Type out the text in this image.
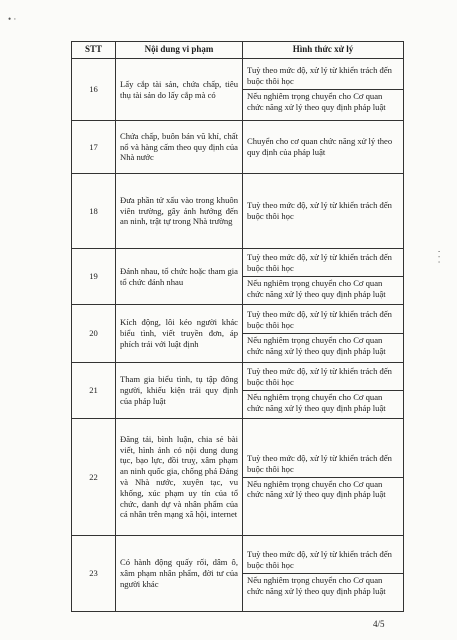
• ·
STT	Nội dung vi phạm	Hình thức xử lý
16	Lấy cắp tài sản, chứa chấp, tiêu thụ tài sản do lấy cắp mà có	Tuỳ theo mức độ, xử lý từ khiển trách đến buộc thôi học
Nếu nghiêm trọng chuyển cho Cơ quan chức năng xử lý theo quy định pháp luật

17	Chứa chấp, buôn bán vũ khí, chất nổ và hàng cấm theo quy định của Nhà nước	Chuyển cho cơ quan chức năng xử lý theo quy định của pháp luật

18	Đưa phần tử xấu vào trong khuôn viên trường, gây ảnh hưởng đến an ninh, trật tự trong Nhà trường	Tuỳ theo mức độ, xử lý từ khiển trách đến buộc thôi học

19	Đánh nhau, tổ chức hoặc tham gia tổ chức đánh nhau	Tuỳ theo mức độ, xử lý từ khiển trách đến buộc thôi học
Nếu nghiêm trọng chuyển cho Cơ quan chức năng xử lý theo quy định pháp luật

20	Kích động, lôi kéo người khác biểu tình, viết truyền đơn, áp phích trái với luật định	Tuỳ theo mức độ, xử lý từ khiển trách đến buộc thôi học
Nếu nghiêm trọng chuyển cho Cơ quan chức năng xử lý theo quy định pháp luật

21	Tham gia biểu tình, tụ tập đông người, khiếu kiện trái quy định của pháp luật	Tuỳ theo mức độ, xử lý từ khiển trách đến buộc thôi học
Nếu nghiêm trọng chuyển cho Cơ quan chức năng xử lý theo quy định pháp luật

22	Đăng tải, bình luận, chia sẻ bài viết, hình ảnh có nội dung dung tục, bạo lực, đồi truỵ, xâm phạm an ninh quốc gia, chống phá Đảng và Nhà nước, xuyên tạc, vu khống, xúc phạm uy tín của tổ chức, danh dự và nhân phẩm của cá nhân trên mạng xã hội, internet	Tuỳ theo mức độ, xử lý từ khiển trách đến buộc thôi học
Nếu nghiêm trọng chuyển cho Cơ quan chức năng xử lý theo quy định pháp luật

23	Có hành động quấy rối, dâm ô, xâm phạm nhân phẩm, đời tư của người khác	Tuỳ theo mức độ, xử lý từ khiển trách đến buộc thôi học
Nếu nghiêm trọng chuyển cho Cơ quan chức năng xử lý theo quy định pháp luật
· · ·
4/5
